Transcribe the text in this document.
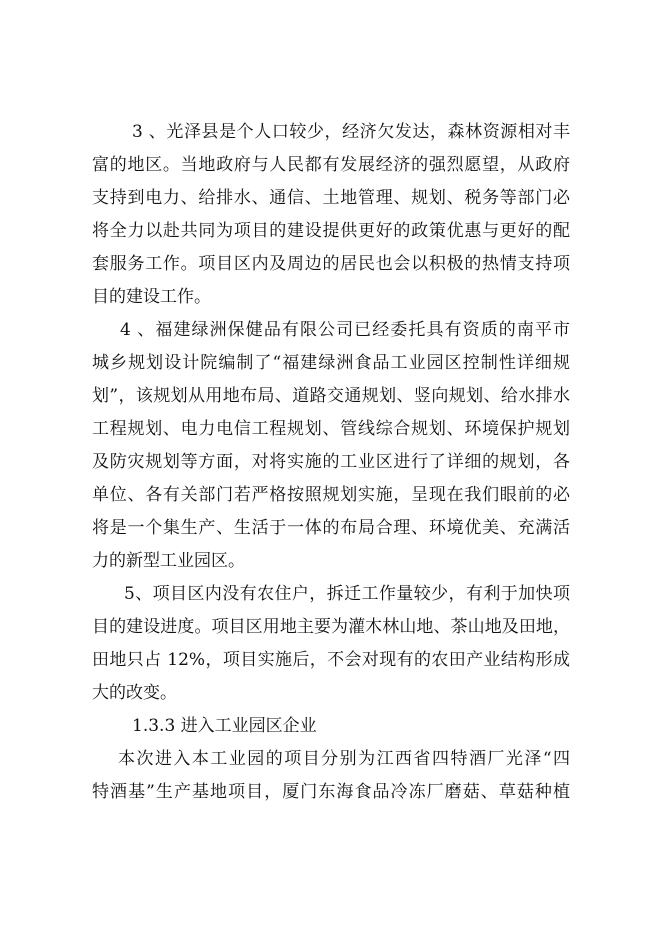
3 、光泽县是个人口较少，经济欠发达，森林资源相对丰
富的地区。当地政府与人民都有发展经济的强烈愿望，从政府
支持到电力、给排水、通信、土地管理、规划、税务等部门必
将全力以赴共同为项目的建设提供更好的政策优惠与更好的配
套服务工作。项目区内及周边的居民也会以积极的热情支持项
目的建设工作。
4 、福建绿洲保健品有限公司已经委托具有资质的南平市
城乡规划设计院编制了“福建绿洲食品工业园区控制性详细规
划”，该规划从用地布局、道路交通规划、竖向规划、给水排水
工程规划、电力电信工程规划、管线综合规划、环境保护规划
及防灾规划等方面，对将实施的工业区进行了详细的规划，各
单位、各有关部门若严格按照规划实施，呈现在我们眼前的必
将是一个集生产、生活于一体的布局合理、环境优美、充满活
力的新型工业园区。
5、项目区内没有农住户，拆迁工作量较少，有利于加快项
目的建设进度。项目区用地主要为灌木林山地、茶山地及田地，
田地只占 12%，项目实施后，不会对现有的农田产业结构形成
大的改变。
1.3.3 进入工业园区企业
本次进入本工业园的项目分别为江西省四特酒厂光泽“四
特酒基”生产基地项目，厦门东海食品冷冻厂磨菇、草菇种植
